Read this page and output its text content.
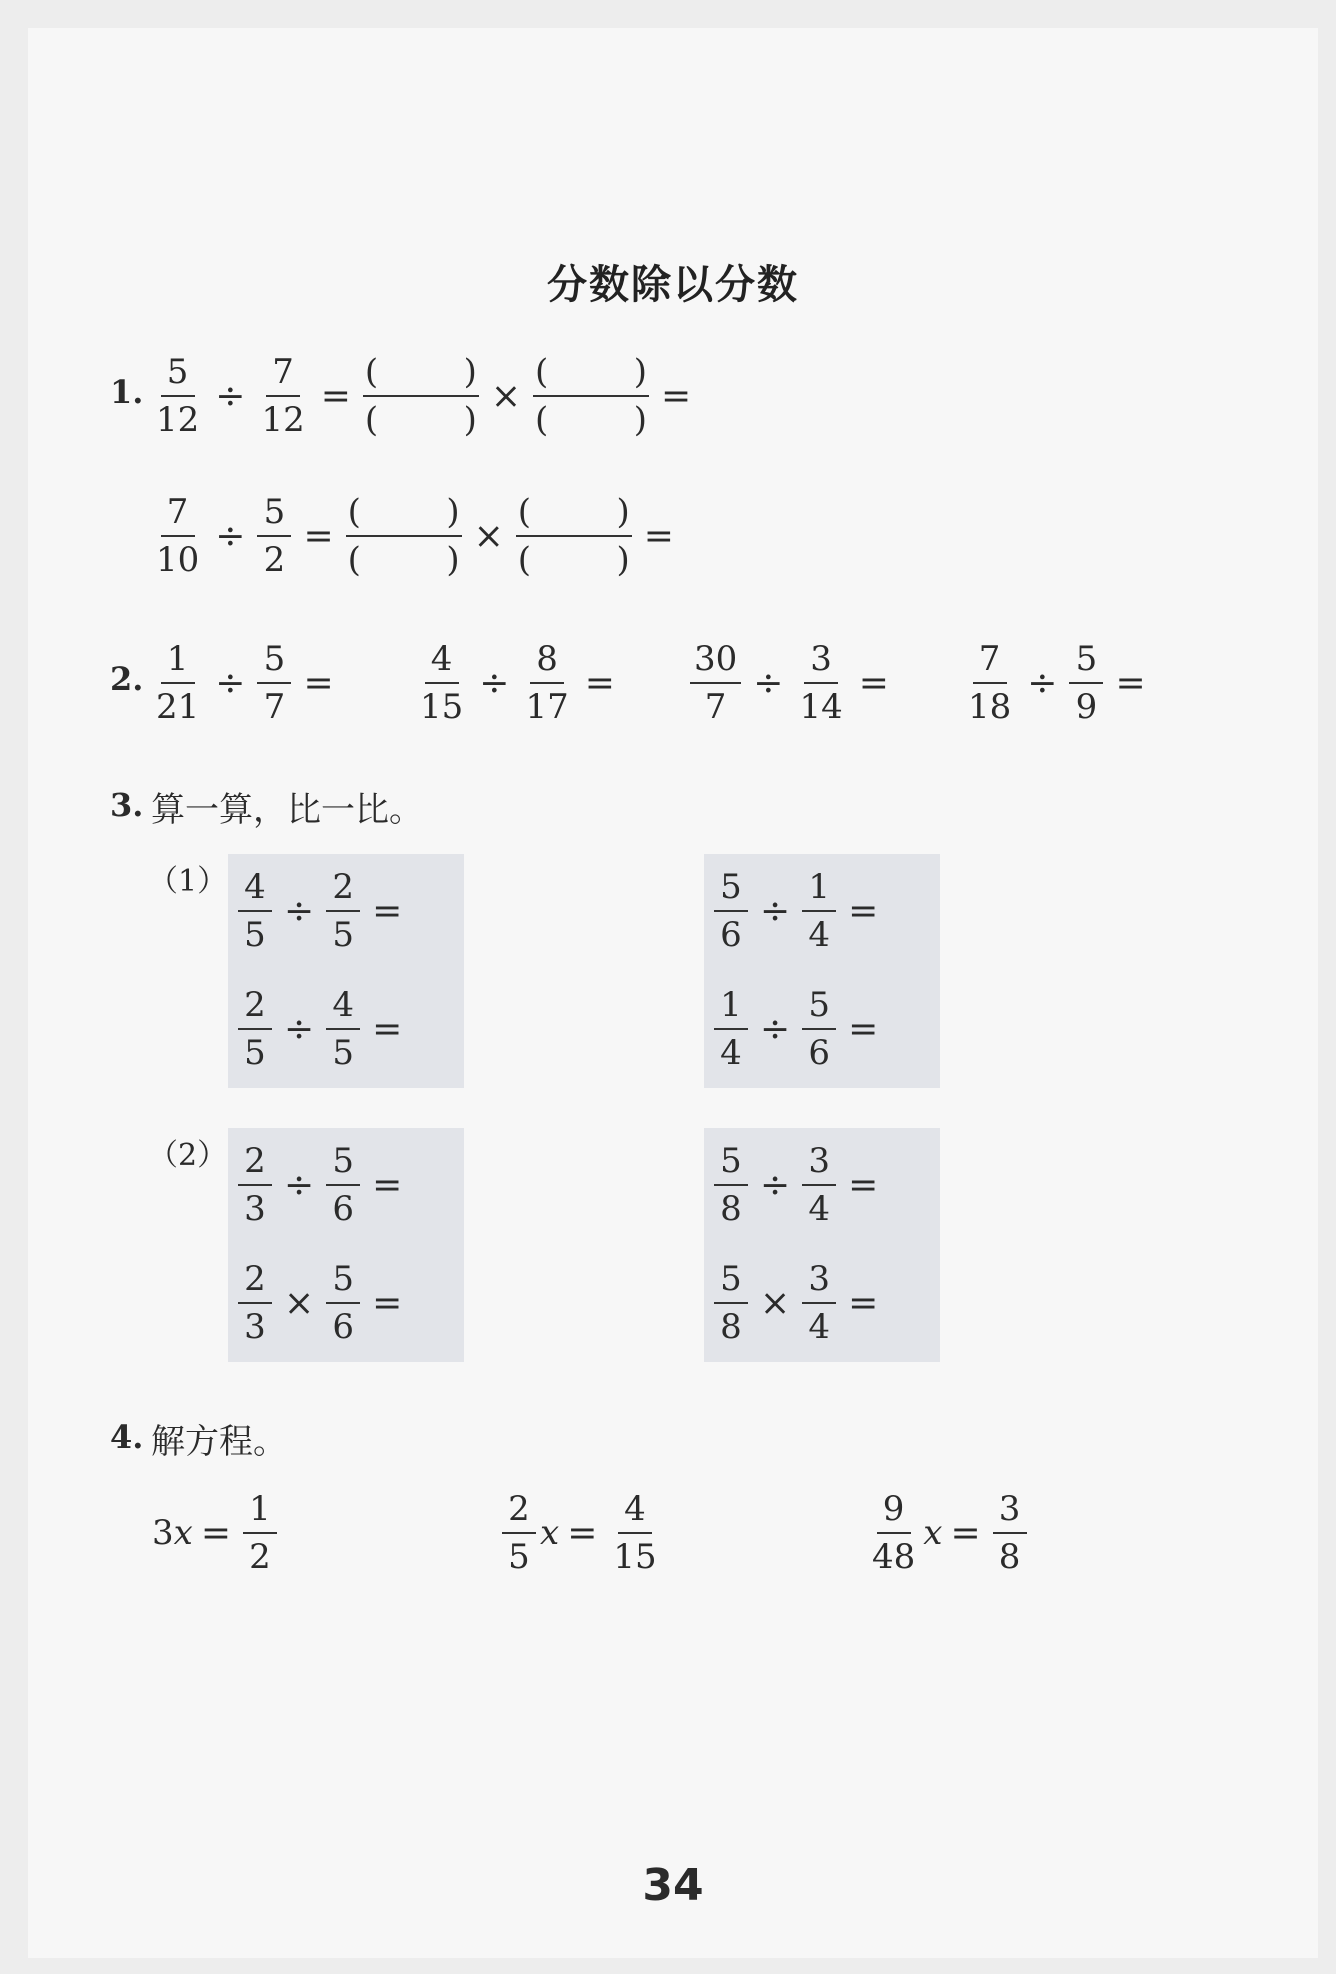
分数除以分数
1. $\frac{5}{12} \div \frac{7}{12}$ =
(	)
(	)
×
(	)
(	)
=
$\frac{7}{10} \div \frac{5}{2}$ =
(	)
(	)
×
(	)
(	)
=
2. $\frac{1}{21} \div \frac{5}{7} = \frac{4}{15} \div \frac{8}{17} = \frac{30}{7} \div \frac{3}{14} = \frac{7}{18} \div \frac{5}{9}$ =
3. 算一算，比一比。
$(1) \frac{4}{5} \div \frac{2}{5}$ =
$\frac{2}{5} \div \frac{4}{5}$ =
$\frac{5}{6} \div \frac{1}{4}$ =
$\frac{1}{4} \div \frac{5}{6}$ =
$(2) \frac{2}{3} \div \frac{5}{6}$ =
$\frac{2}{3} \times \frac{5}{6}$ =
$\frac{5}{8} \div \frac{3}{4}$ =
$\frac{5}{8} \times \frac{3}{4}$ =
4. 解方程。
3 $x = \frac{1}{2}$	$\frac{2}{5}$ $x = \frac{4}{15}$	$\frac{9}{48}$ $x = \frac{3}{8}$
34
